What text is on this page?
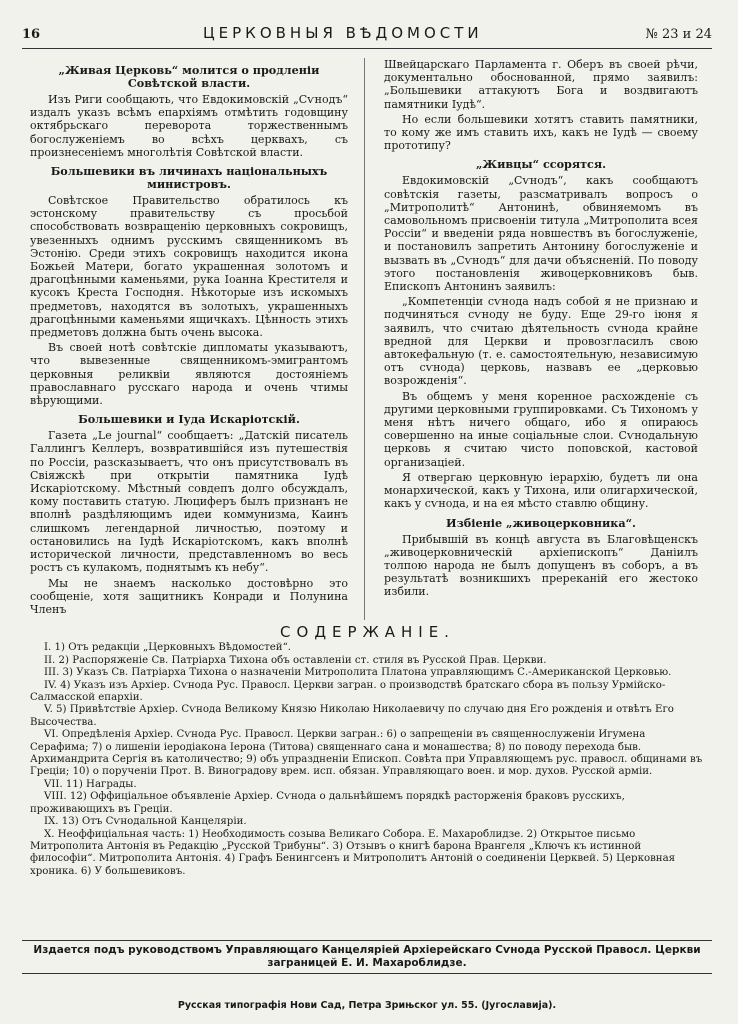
16	ЦЕРКОВНЫЯ ВѢДОМОСТИ	№ 23 и 24
„Живая Церковь“ молится о продленіи Совѣтской власти.

Изъ Риги сообщають, что Евдокимовскій „Сѵнодъ“ издалъ указъ всѣмъ епархіямъ отмѣтить годовщину октябрьскаго переворота торжественнымъ богослуженіемъ во всѣхъ церквахъ, съ произнесеніемъ многолѣтія Совѣтской власти.

Большевики въ личинахъ національныхъ министровъ.

Совѣтское Правительство обратилось къ эстонскому правительству съ просьбой способствовать возвращенію церковныхъ сокровищъ, увезенныхъ однимъ русскимъ священникомъ въ Эстонію. Среди этихъ сокровищъ находится икона Божьей Матери, богато украшенная золотомъ и драгоцѣнными каменьями, рука Іоанна Крестителя и кусокъ Креста Господня. Нѣкоторые изъ искомыхъ предметовъ, находятся въ золотыхъ, украшенныхъ драгоцѣнными каменьями ящичкахъ. Цѣнность этихъ предметовъ должна быть очень высока.

Въ своей нотѣ совѣтскіе дипломаты указываютъ, что вывезенные священникомъ-эмигрантомъ церковныя реликвіи являются достояніемъ православнаго русскаго народа и очень чтимы вѣрующими.

Большевики и Іуда Искаріотскій.

Газета „Le journal“ сообщаетъ: „Датскій писатель Галлингъ Келлеръ, возвратившійся изъ путешествія по Россіи, разсказываетъ, что онъ присутствовалъ въ Свіяжскѣ при открытіи памятника Іудѣ Искаріотскому. Мѣстный совдепъ долго обсуждалъ, кому поставить статую. Люциферъ былъ признанъ не вполнѣ раздѣляющимъ идеи коммунизма, Каинъ слишкомъ легендарной личностью, поэтому и остановились на Іудѣ Искаріотскомъ, какъ вполнѣ исторической личности, представленномъ во весь ростъ съ кулакомъ, поднятымъ къ небу“.

Мы не знаемъ насколько достовѣрно это сообщеніе, хотя защитникъ Конради и Полунина Членъ

Швейцарскаго Парламента г. Оберъ въ своей рѣчи, документально обоснованной, прямо заявилъ: „Большевики аттакуютъ Бога и воздвигаютъ памятники Іудѣ“.

Но если большевики хотятъ ставить памятники, то кому же имъ ставить ихъ, какъ не Іудѣ — своему прототипу?

„Живцы“ ссорятся.

Евдокимовскій „Сѵнодъ“, какъ сообщаютъ совѣтскія газеты, разсматривалъ вопросъ о „Митрополитѣ“ Антонинѣ, обвиняемомъ въ самовольномъ присвоеніи титула „Митрополита всея Россіи“ и введеніи ряда новшествъ въ богослуженіе, и постановилъ запретить Антонину богослуженіе и вызвать въ „Сѵнодъ“ для дачи объясненій. По поводу этого постановленія живоцерковниковъ быв. Епископъ Антонинъ заявилъ:

„Компетенціи сѵнода надъ собой я не признаю и подчиняться сѵноду не буду. Еще 29-го іюня я заявилъ, что считаю дѣятельность сѵнода крайне вредной для Церкви и провозгласилъ свою автокефальную (т. е. самостоятельную, независимую отъ сѵнода) церковь, назвавъ ее „церковью возрожденія“.

Въ общемъ у меня коренное расхожденіе съ другими церковными группировками. Съ Тихономъ у меня нѣтъ ничего общаго, ибо я опираюсь совершенно на иные соціальные слои. Сѵнодальную церковь я считаю чисто поповской, кастовой организаціей.

Я отвергаю церковную іерархію, будетъ ли она монархической, какъ у Тихона, или олигархической, какъ у сѵнода, и на ея мѣсто ставлю общину.

Избіеніе „живоцерковника“.

Прибывшій въ концѣ августа въ Благовѣщенскъ „живоцерковническій архіепископъ“ Даніилъ толпою народа не былъ допущенъ въ соборъ, а въ результатѣ возникшихъ пререканій его жестоко избили.

СОДЕРЖАНІЕ.

I. 1) Отъ редакціи „Церковныхъ Вѣдомостей“.

II. 2) Распоряженіе Св. Патріарха Тихона объ оставленіи ст. стиля въ Русской Прав. Церкви.

III. 3) Указъ Св. Патріарха Тихона о назначеніи Митрополита Платона управляющимъ С.-Американской Церковью.

IV. 4) Указъ изъ Архіер. Сѵнода Рус. Правосл. Церкви загран. о производствѣ братскаго сбора въ пользу Урмійско-Салмасской епархіи.

V. 5) Привѣтствіе Архіер. Сѵнода Великому Князю Николаю Николаевичу по случаю дня Его рожденія и отвѣтъ Его Высочества.

VI. Опредѣленія Архіер. Сѵнода Рус. Правосл. Церкви загран.: 6) о запрещеніи въ священнослуженіи Игумена Серафима; 7) о лишеніи іеродіакона Іерона (Титова) священнаго сана и монашества; 8) по поводу перехода быв. Архимандрита Сергія въ католичество; 9) объ упраздненіи Епископ. Совѣта при Управляющемъ рус. правосл. общинами въ Греціи; 10) о порученіи Прот. В. Виноградову врем. исп. обязан. Управляющаго воен. и мор. духов. Русской арміи.

VII. 11) Награды.

VIII. 12) Оффиціальное объявленіе Архіер. Сѵнода о дальнѣйшемъ порядкѣ расторженія браковъ русскихъ, проживающихъ въ Греціи.

IX. 13) Отъ Сѵнодальной Канцеляріи.

X. Неоффиціальная часть: 1) Необходимость созыва Великаго Собора. Е. Махароблидзе. 2) Открытое письмо Митрополита Антонія въ Редакцію „Русской Трибуны“. 3) Отзывъ о книгѣ барона Врангеля „Ключъ къ истинной философіи“. Митрополита Антонія. 4) Графъ Бенингсенъ и Митрополитъ Антоній о соединеніи Церквей. 5) Церковная хроника. 6) У большевиковъ.

Издается подъ руководствомъ Управляющаго Канцеляріей Архіерейскаго Сѵнода Русской Правосл. Церкви заграницей Е. И. Махароблидзе.
Русская типографія Нови Сад, Петра Зрињског ул. 55. (Југославија).
